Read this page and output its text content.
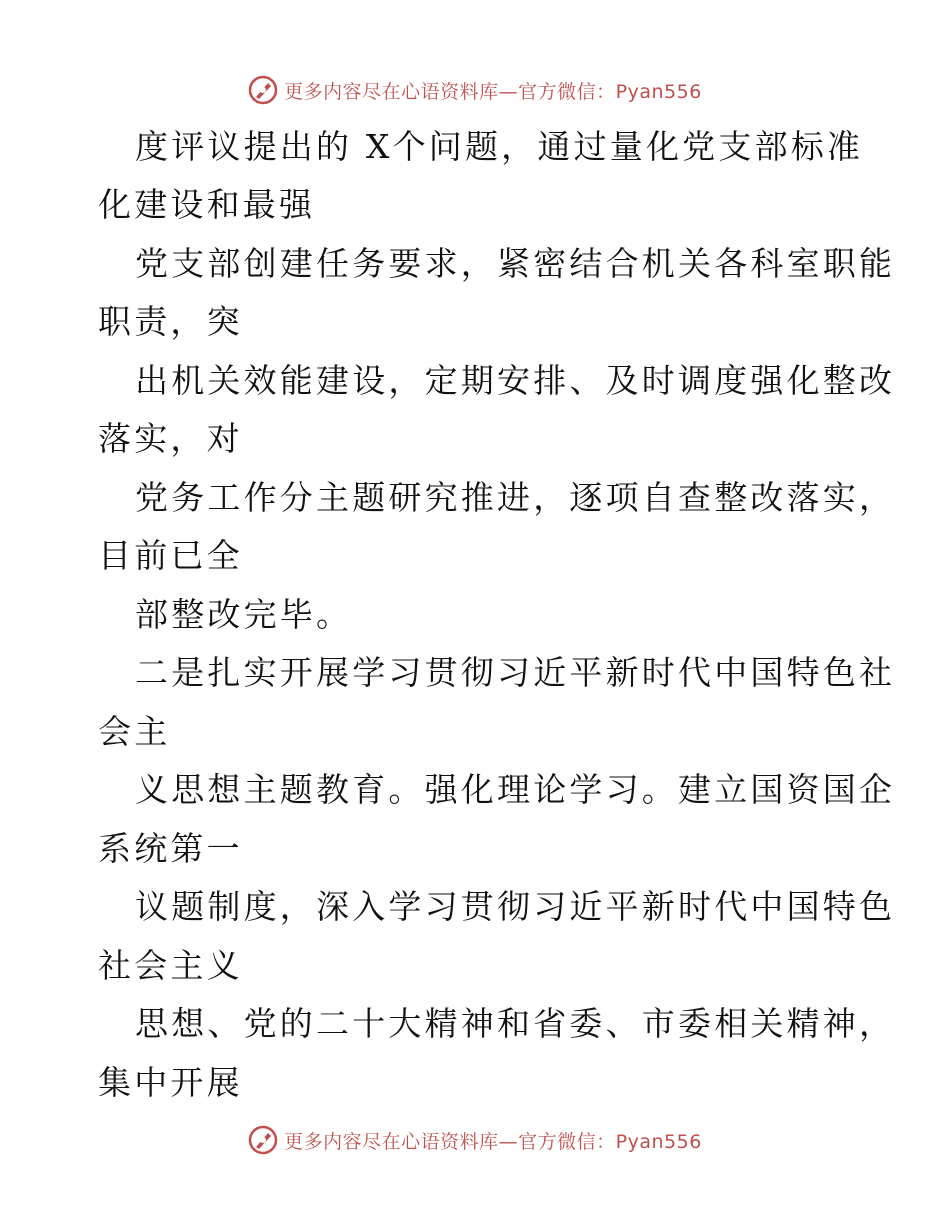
更多内容尽在心语资料库—官方微信：Pyan556
度评议提出的 X个问题，通过量化党支部标准
化建设和最强
党支部创建任务要求，紧密结合机关各科室职能
职责，突
出机关效能建设，定期安排、及时调度强化整改
落实，对
党务工作分主题研究推进，逐项自查整改落实，
目前已全
部整改完毕。
二是扎实开展学习贯彻习近平新时代中国特色社
会主
义思想主题教育。强化理论学习。建立国资国企
系统第一
议题制度，深入学习贯彻习近平新时代中国特色
社会主义
思想、党的二十大精神和省委、市委相关精神，
集中开展
更多内容尽在心语资料库—官方微信：Pyan556
